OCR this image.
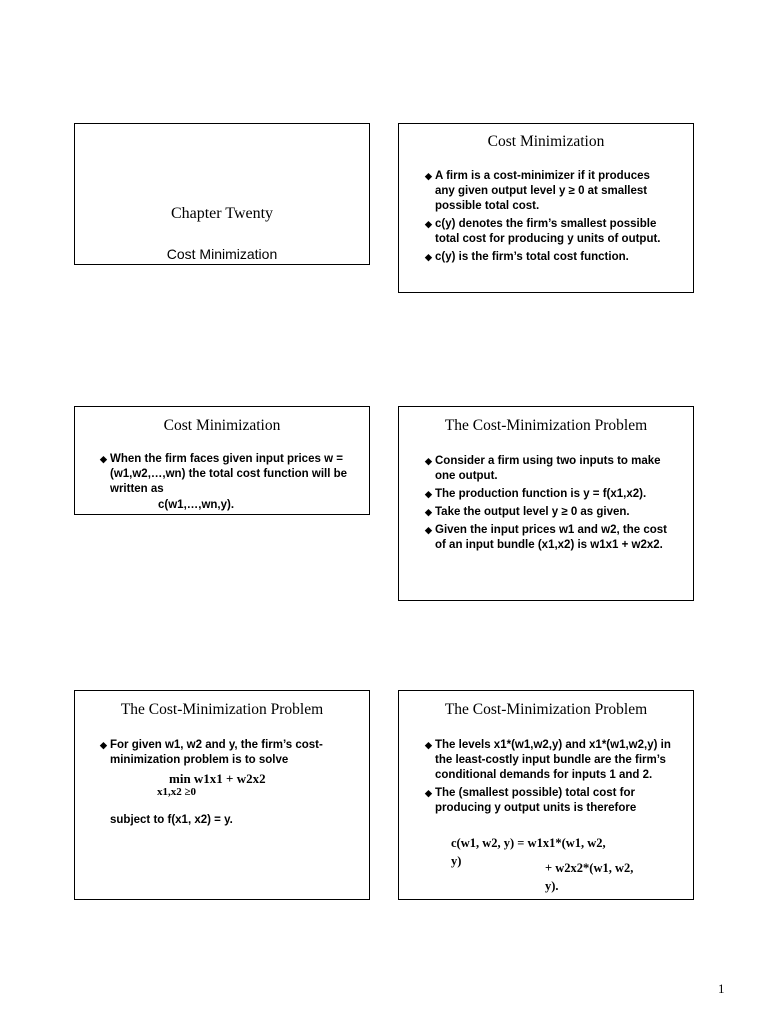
Chapter Twenty
Cost Minimization
Cost Minimization
◆ A firm is a cost-minimizer if it produces any given output level y ≥ 0 at smallest possible total cost.
◆ c(y) denotes the firm’s smallest possible total cost for producing y units of output.
◆ c(y) is the firm’s total cost function.
Cost Minimization
◆ When the firm faces given input prices w = (w1,w2,…,wn) the total cost function will be written as
c(w1,…,wn,y).
The Cost-Minimization Problem
◆ Consider a firm using two inputs to make one output.
◆ The production function is y = f(x1,x2).
◆ Take the output level y ≥ 0 as given.
◆ Given the input prices w1 and w2, the cost of an input bundle (x1,x2) is w1x1 + w2x2.
The Cost-Minimization Problem
◆ For given w1, w2 and y, the firm’s cost-minimization problem is to solve
min w1x1 + w2x2
x1,x2 ≥0
subject to f(x1, x2) = y.
The Cost-Minimization Problem
◆ The levels x1*(w1,w2,y) and x1*(w1,w2,y) in the least-costly input bundle are the firm’s conditional demands for inputs 1 and 2.
◆ The (smallest possible) total cost for producing y output units is therefore
c(w1, w2, y) = w1x1*(w1, w2,
y)	+ w2x2*(w1, w2,
y).
1
